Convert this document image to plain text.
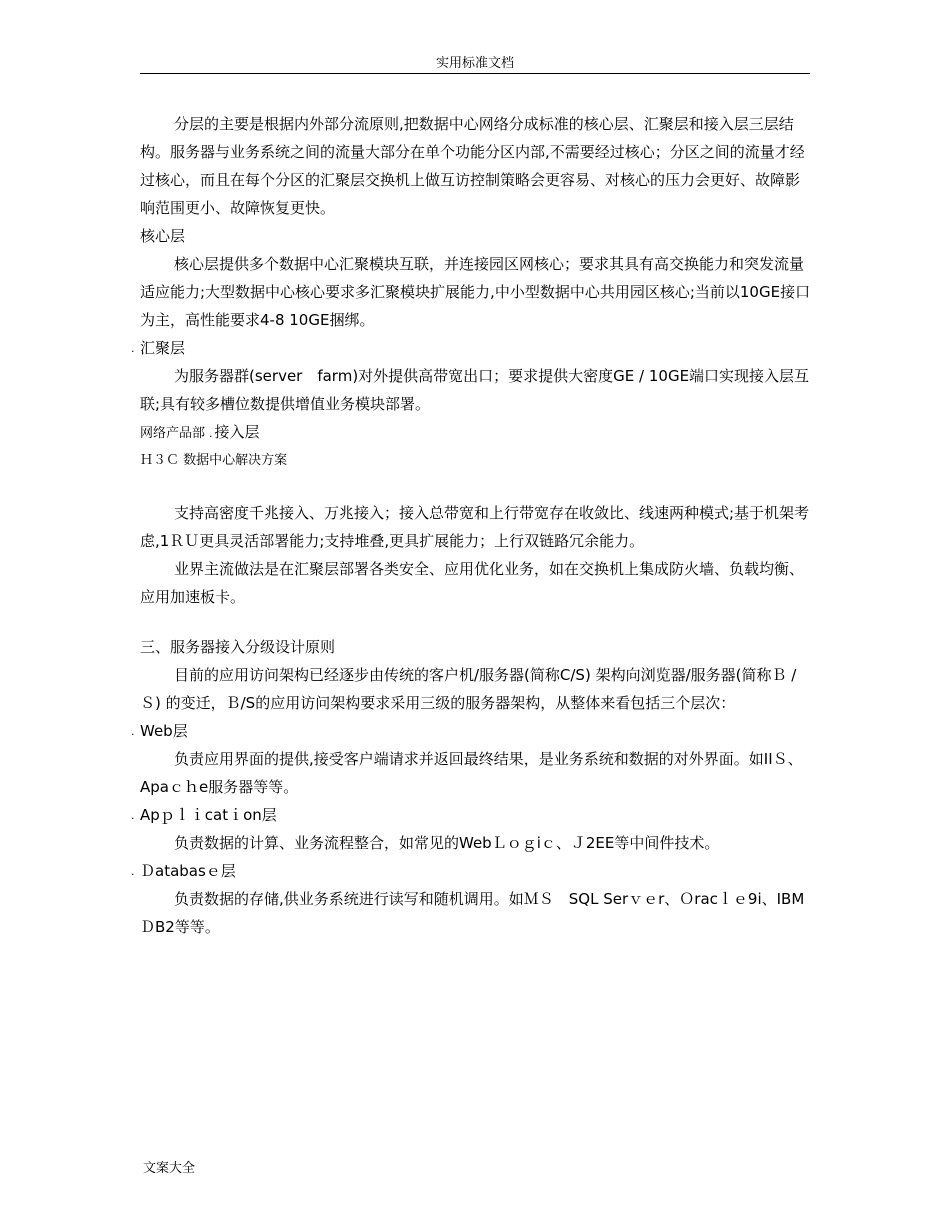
实用标准文档

分层的主要是根据内外部分流原则,把数据中心网络分成标准的核心层、汇聚层和接入层三层结构。服务器与业务系统之间的流量大部分在单个功能分区内部,不需要经过核心；分区之间的流量才经过核心，而且在每个分区的汇聚层交换机上做互访控制策略会更容易、对核心的压力会更好、故障影响范围更小、故障恢复更快。

核心层

核心层提供多个数据中心汇聚模块互联，并连接园区网核心；要求其具有高交换能力和突发流量适应能力;大型数据中心核心要求多汇聚模块扩展能力,中小型数据中心共用园区核心;当前以10GE接口为主，高性能要求4-8 10GE捆绑。

. 汇聚层

为服务器群(server　farm)对外提供高带宽出口；要求提供大密度GE / 10GE端口实现接入层互联;具有较多槽位数提供增值业务模块部署。

网络产品部 . 接入层

Ｈ３Ｃ 数据中心解决方案

支持高密度千兆接入、万兆接入；接入总带宽和上行带宽存在收敛比、线速两种模式;基于机架考虑,1ＲＵ更具灵活部署能力;支持堆叠,更具扩展能力；上行双链路冗余能力。

业界主流做法是在汇聚层部署各类安全、应用优化业务，如在交换机上集成防火墙、负载均衡、应用加速板卡。

三、服务器接入分级设计原则

目前的应用访问架构已经逐步由传统的客户机/服务器(简称C/S) 架构向浏览器/服务器(简称Ｂ / Ｓ) 的变迁，Ｂ/S的应用访问架构要求采用三级的服务器架构，从整体来看包括三个层次：

. Web层

负责应用界面的提供,接受客户端请求并返回最终结果，是业务系统和数据的对外界面。如IIＳ、Apaｃｈe服务器等等。

. Apｐｌｉcatｉon层

负责数据的计算、业务流程整合，如常见的WebＬｏｇiｃ、Ｊ2EE等中间件技术。

. Ｄatabasｅ层

负责数据的存储,供业务系统进行读写和随机调用。如ＭＳ　SQL Serｖｅr、Ｏracｌｅ9i、IBM ＤB2等等。

文案大全
